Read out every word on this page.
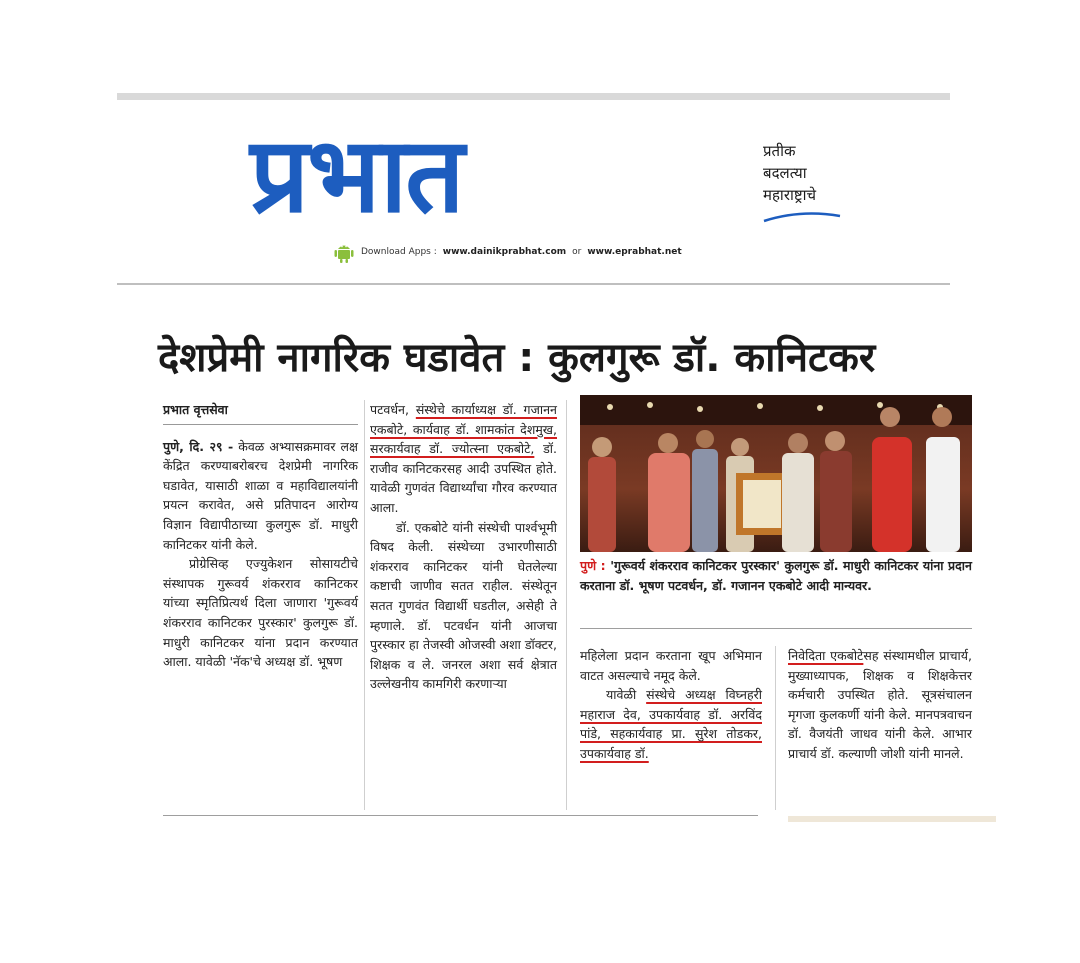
प्रभात	प्रतीक
बदलत्या
महाराष्ट्राचे
Download Apps : www.dainikprabhat.com or www.eprabhat.net
देशप्रेमी नागरिक घडावेत : कुलगुरू डॉ. कानिटकर

प्रभात वृत्तसेवा

पुणे, दि. २९ - केवळ अभ्यासक्रमावर लक्ष केंद्रित करण्याबरोबरच देशप्रेमी नागरिक घडावेत, यासाठी शाळा व महाविद्यालयांनी प्रयत्न करावेत, असे प्रतिपादन आरोग्य विज्ञान विद्यापीठाच्या कुलगुरू डॉ. माधुरी कानिटकर यांनी केले.

प्रोग्रेसिव्ह एज्युकेशन सोसायटीचे संस्थापक गुरूवर्य शंकरराव कानिटकर यांच्या स्मृतिप्रित्यर्थ दिला जाणारा 'गुरूवर्य शंकरराव कानिटकर पुरस्कार' कुलगुरू डॉ. माधुरी कानिटकर यांना प्रदान करण्यात आला. यावेळी 'नॅक'चे अध्यक्ष डॉ. भूषण

पटवर्धन, संस्थेचे कार्याध्यक्ष डॉ. गजानन एकबोटे, कार्यवाह डॉ. शामकांत देशमुख, सरकार्यवाह डॉ. ज्योत्स्ना एकबोटे, डॉ. राजीव कानिटकरसह आदी उपस्थित होते. यावेळी गुणवंत विद्यार्थ्यांचा गौरव करण्यात आला.

डॉ. एकबोटे यांनी संस्थेची पार्श्वभूमी विषद केली. संस्थेच्या उभारणीसाठी शंकरराव कानिटकर यांनी घेतलेल्या कष्टाची जाणीव सतत राहील. संस्थेतून सतत गुणवंत विद्यार्थी घडतील, असेही ते म्हणाले. डॉ. पटवर्धन यांनी आजचा पुरस्कार हा तेजस्वी ओजस्वी अशा डॉक्टर, शिक्षक व ले. जनरल अशा सर्व क्षेत्रात उल्लेखनीय कामगिरी करणाऱ्या

पुणे : 'गुरूवर्य शंकरराव कानिटकर पुरस्कार' कुलगुरू डॉ. माधुरी कानिटकर यांना प्रदान करताना डॉ. भूषण पटवर्धन, डॉ. गजानन एकबोटे आदी मान्यवर.

महिलेला प्रदान करताना खूप अभिमान वाटत असल्याचे नमूद केले.

यावेळी संस्थेचे अध्यक्ष विघ्नहरी महाराज देव, उपकार्यवाह डॉ. अरविंद पांडे, सहकार्यवाह प्रा. सुरेश तोडकर, उपकार्यवाह डॉ.

निवेदिता एकबोटेसह संस्थामधील प्राचार्य, मुख्याध्यापक, शिक्षक व शिक्षकेत्तर कर्मचारी उपस्थित होते. सूत्रसंचालन मृगजा कुलकर्णी यांनी केले. मानपत्रवाचन डॉ. वैजयंती जाधव यांनी केले. आभार प्राचार्य डॉ. कल्याणी जोशी यांनी मानले.
